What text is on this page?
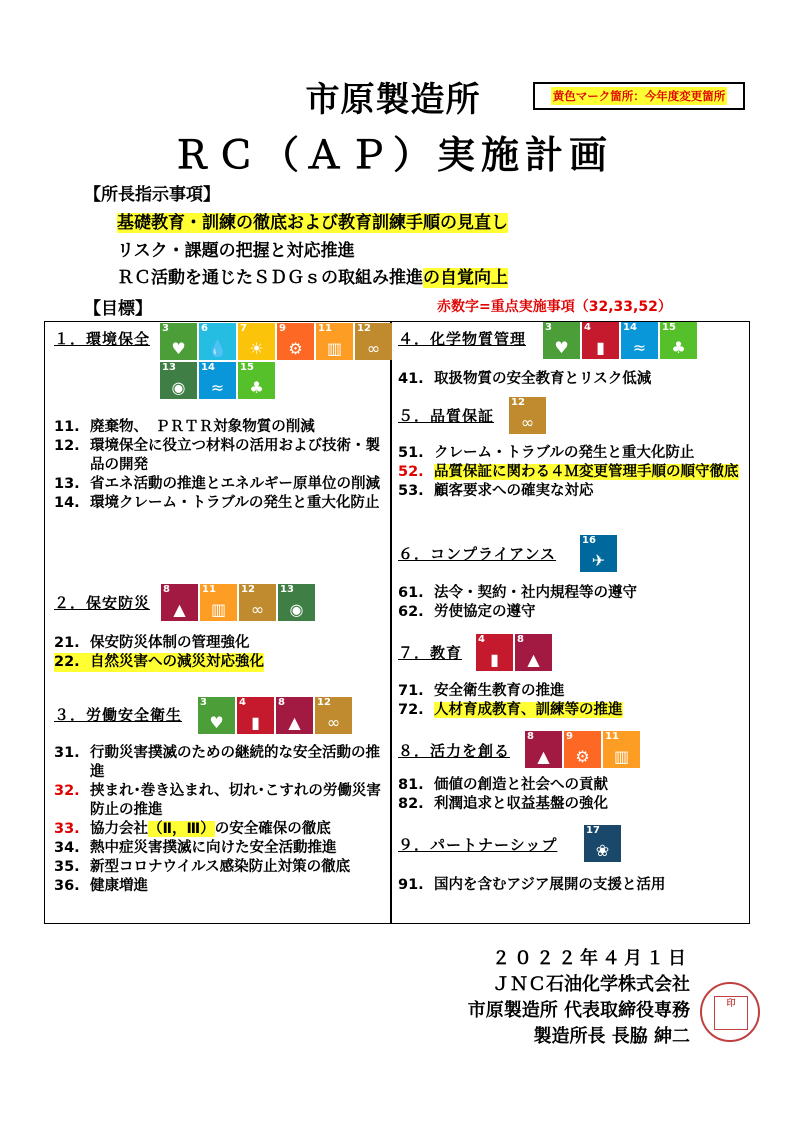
市原製造所
ＲＣ（ＡＰ）実施計画
黄色マーク箇所：今年度変更箇所
【所長指示事項】
基礎教育・訓練の徹底および教育訓練手順の見直し
リスク・課題の把握と対応推進
ＲＣ活動を通じたＳＤＧｓの取組み推進の自覚向上
【目標】	赤数字=重点実施事項（32,33,52）
１．環境保全
3
♥
6
💧
7
☀
9
⚙
11
▥
12
∞
13
◉
14
≈
15
♣
11. 廃棄物、　ＰＲＴＲ対象物質の削減
12. 環境保全に役立つ材料の活用および技術・製品の開発
13. 省エネ活動の推進とエネルギー原単位の削減
14. 環境クレーム・トラブルの発生と重大化防止
２．保安防災
8
▲
11
▥
12
∞
13
◉
21. 保安防災体制の管理強化
22. 自然災害への減災対応強化
３．労働安全衛生
3
♥
4
▮
8
▲
12
∞
31. 行動災害撲滅のための継続的な安全活動の推進
32. 挟まれ･巻き込まれ、切れ･こすれの労働災害防止の推進
33. 協力会社（Ⅱ，Ⅲ）の安全確保の徹底
34. 熱中症災害撲滅に向けた安全活動推進
35. 新型コロナウイルス感染防止対策の徹底
36. 健康増進
４．化学物質管理
3
♥
4
▮
14
≈
15
♣
41. 取扱物質の安全教育とリスク低減
５．品質保証
12
∞
51. クレーム・トラブルの発生と重大化防止
52. 品質保証に関わる４Ｍ変更管理手順の順守徹底
53. 顧客要求への確実な対応
６．コンプライアンス
16
✈
61. 法令・契約・社内規程等の遵守
62. 労使協定の遵守
７．教育
4
▮
8
▲
71. 安全衛生教育の推進
72. 人材育成教育、訓練等の推進
８．活力を創る
8
▲
9
⚙
11
▥
81. 価値の創造と社会への貢献
82. 利潤追求と収益基盤の強化
９．パートナーシップ
17
❀
91. 国内を含むアジア展開の支援と活用
２０２２年４月１日
ＪＮＣ石油化学株式会社
市原製造所 代表取締役専務
製造所長 長脇 紳二
印
